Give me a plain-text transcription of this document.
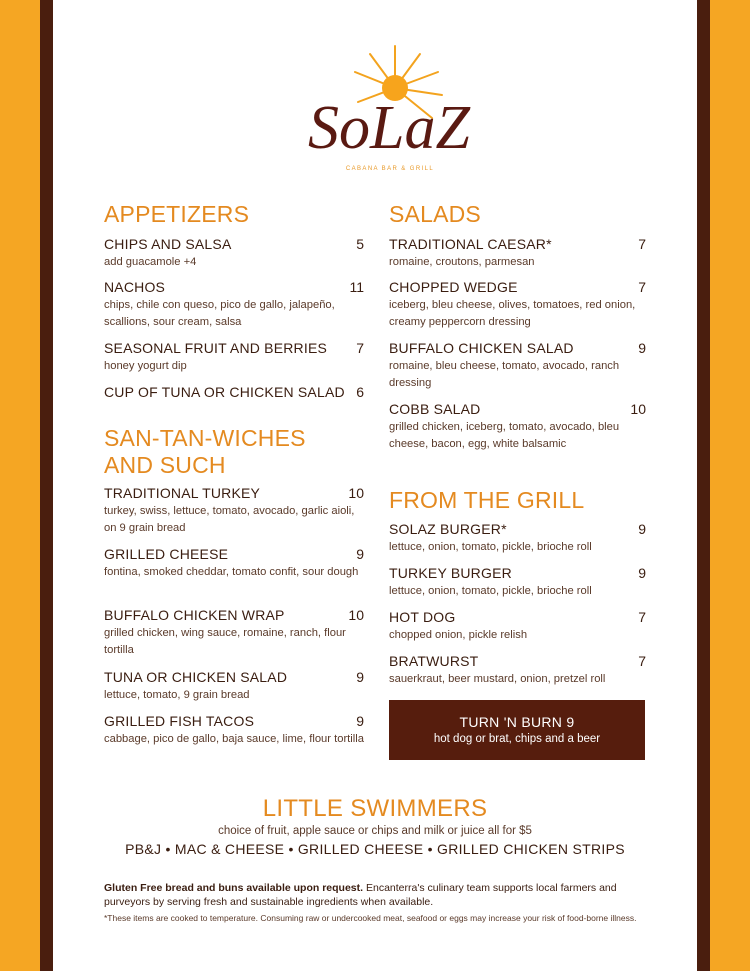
SoLaZ
CABANA BAR & GRILL
APPETIZERS
CHIPS AND SALSA	5
add guacamole +4
NACHOS	11
chips, chile con queso, pico de gallo, jalapeño, scallions, sour cream, salsa
SEASONAL FRUIT AND BERRIES	7
honey yogurt dip
CUP OF TUNA OR CHICKEN SALAD 6
SAN-TAN-WICHES
AND SUCH
TRADITIONAL TURKEY	10
turkey, swiss, lettuce, tomato, avocado, garlic aioli, on 9 grain bread
GRILLED CHEESE	9
fontina, smoked cheddar, tomato confit, sour dough
BUFFALO CHICKEN WRAP	10
grilled chicken, wing sauce, romaine, ranch, flour tortilla
TUNA OR CHICKEN SALAD	9
lettuce, tomato, 9 grain bread
GRILLED FISH TACOS	9
cabbage, pico de gallo, baja sauce, lime, flour tortilla
SALADS
TRADITIONAL CAESAR*	7
romaine, croutons, parmesan
CHOPPED WEDGE	7
iceberg, bleu cheese, olives, tomatoes, red onion, creamy peppercorn dressing
BUFFALO CHICKEN SALAD	9
romaine, bleu cheese, tomato, avocado, ranch dressing
COBB SALAD	10
grilled chicken, iceberg, tomato, avocado, bleu cheese, bacon, egg, white balsamic
FROM THE GRILL
SOLAZ BURGER*	9
lettuce, onion, tomato, pickle, brioche roll
TURKEY BURGER	9
lettuce, onion, tomato, pickle, brioche roll
HOT DOG	7
chopped onion, pickle relish
BRATWURST	7
sauerkraut, beer mustard, onion, pretzel roll
TURN 'N BURN 9
hot dog or brat, chips and a beer
LITTLE SWIMMERS
choice of fruit, apple sauce or chips and milk or juice all for $5
PB&J • MAC & CHEESE • GRILLED CHEESE • GRILLED CHICKEN STRIPS
Gluten Free bread and buns available upon request. Encanterra's culinary team supports local farmers and purveyors by serving fresh and sustainable ingredients when available.
*These items are cooked to temperature. Consuming raw or undercooked meat, seafood or eggs may increase your risk of food-borne illness.
